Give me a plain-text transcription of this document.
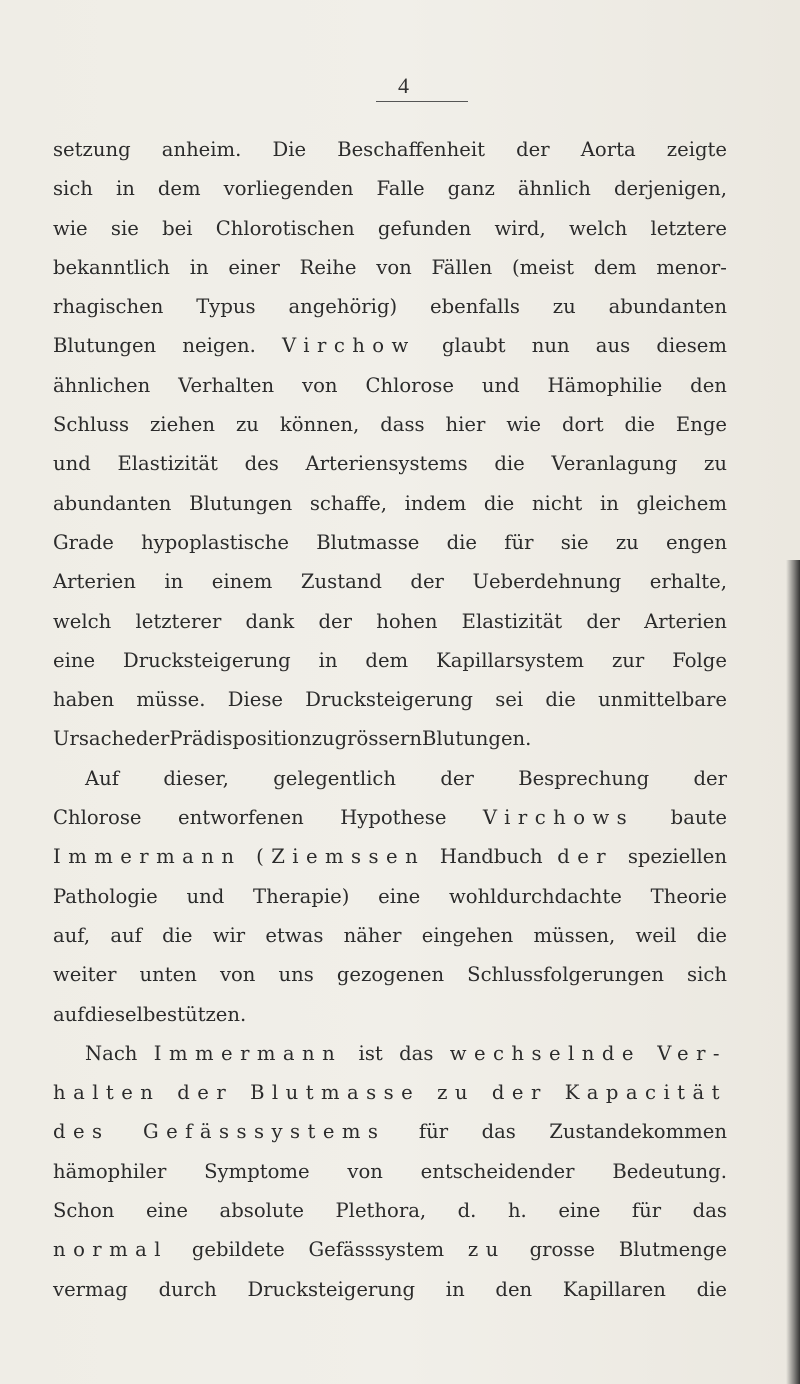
4
setzung anheim. Die Beschaffenheit der Aorta zeigte
sich in dem vorliegenden Falle ganz ähnlich derjenigen,
wie sie bei Chlorotischen gefunden wird, welch letztere
bekanntlich in einer Reihe von Fällen (meist dem menor-
rhagischen Typus angehörig) ebenfalls zu abundanten
Blutungen neigen. Virchow glaubt nun aus diesem
ähnlichen Verhalten von Chlorose und Hämophilie den
Schluss ziehen zu können, dass hier wie dort die Enge
und Elastizität des Arteriensystems die Veranlagung zu
abundanten Blutungen schaffe, indem die nicht in gleichem
Grade hypoplastische Blutmasse die für sie zu engen
Arterien in einem Zustand der Ueberdehnung erhalte,
welch letzterer dank der hohen Elastizität der Arterien
eine Drucksteigerung in dem Kapillarsystem zur Folge
haben müsse. Diese Drucksteigerung sei die unmittelbare
Ursache der Prädisposition zu grössern Blutungen.
Auf dieser, gelegentlich der Besprechung der
Chlorose entworfenen Hypothese Virchows baute
Immermann (Ziemssen Handbuch der speziellen
Pathologie und Therapie) eine wohldurchdachte Theorie
auf, auf die wir etwas näher eingehen müssen, weil die
weiter unten von uns gezogenen Schlussfolgerungen sich
auf dieselbe stützen.
Nach Immermann ist das wechselnde Ver-
halten der Blutmasse zu der Kapacität
des Gefässsystems für das Zustandekommen
hämophiler Symptome von entscheidender Bedeutung.
Schon eine absolute Plethora, d. h. eine für das
normal gebildete Gefässsystem zu grosse Blutmenge
vermag durch Drucksteigerung in den Kapillaren die
